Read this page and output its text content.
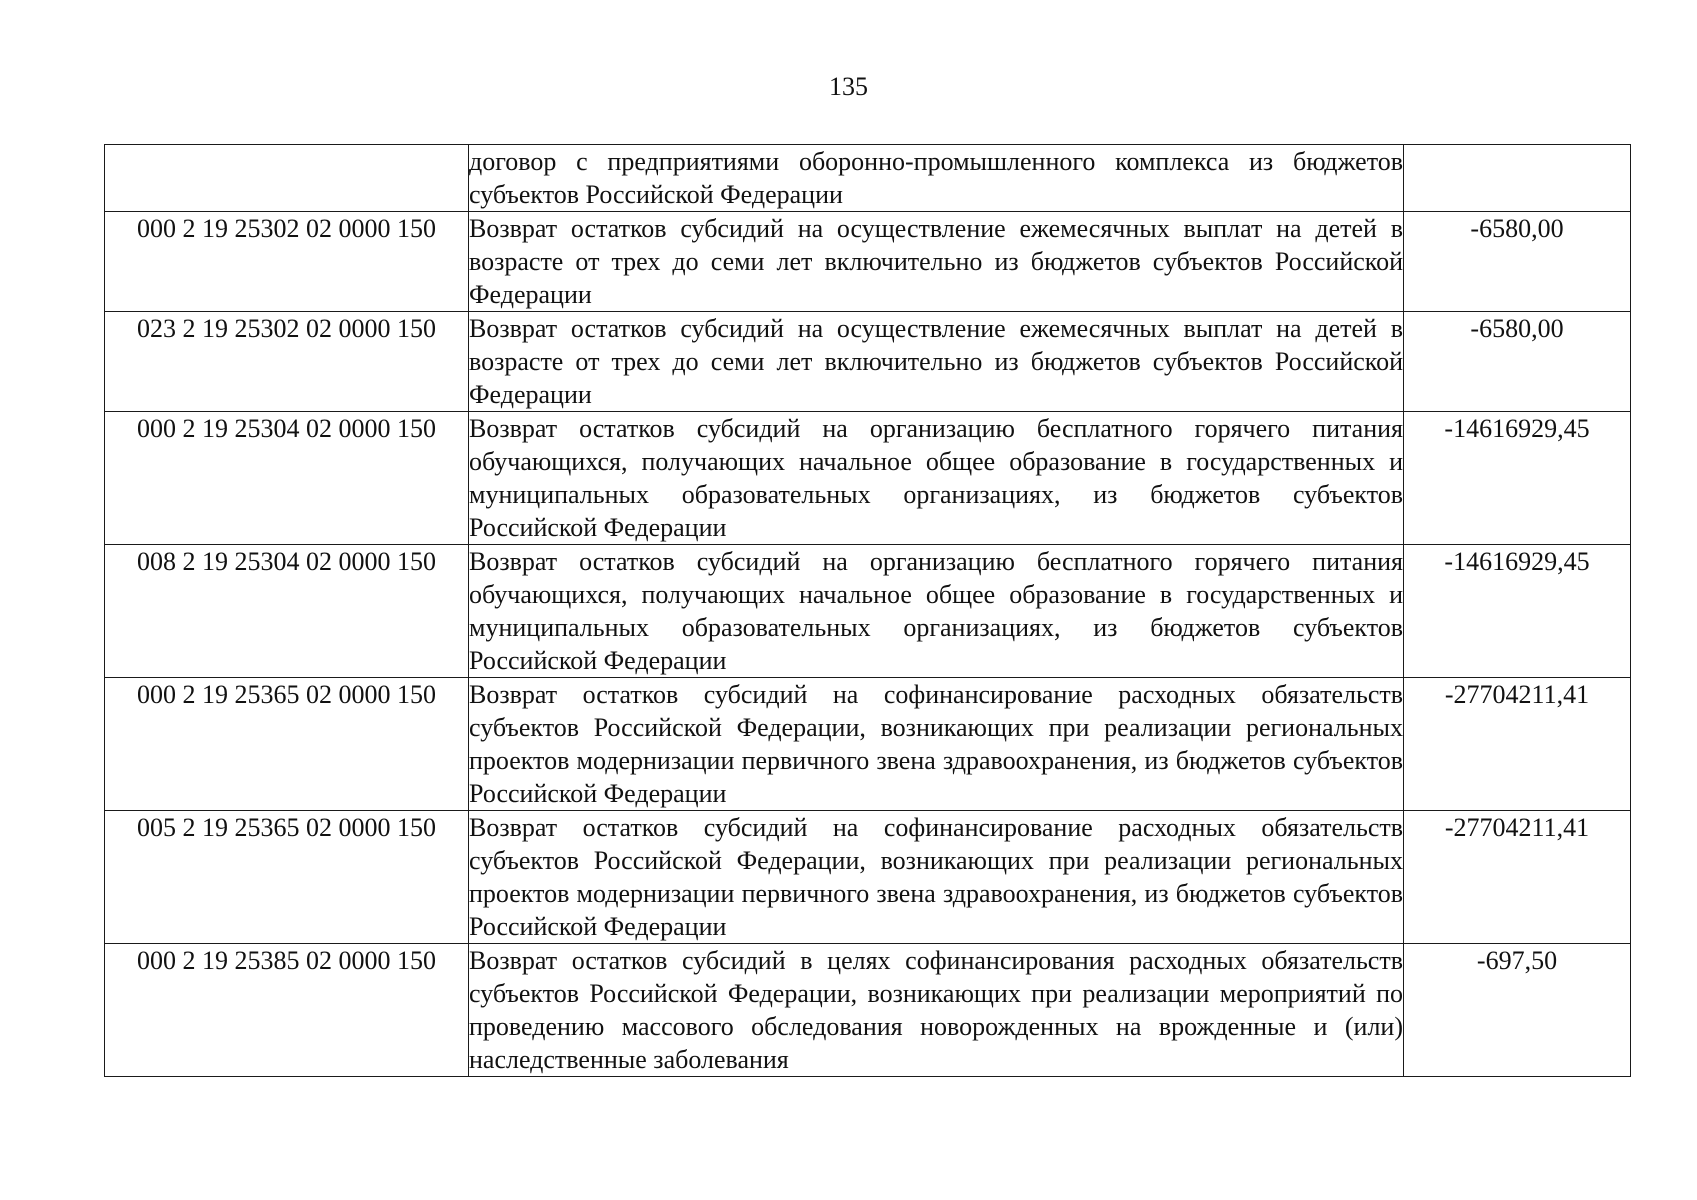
135
	договор с предприятиями оборонно-промышленного комплекса из бюджетов субъектов Российской Федерации	
000 2 19 25302 02 0000 150	Возврат остатков субсидий на осуществление ежемесячных выплат на детей в возрасте от трех до семи лет включительно из бюджетов субъектов Российской Федерации	-6580,00
023 2 19 25302 02 0000 150	Возврат остатков субсидий на осуществление ежемесячных выплат на детей в возрасте от трех до семи лет включительно из бюджетов субъектов Российской Федерации	-6580,00
000 2 19 25304 02 0000 150	Возврат остатков субсидий на организацию бесплатного горячего питания обучающихся, получающих начальное общее образование в государственных и муниципальных образовательных организациях, из бюджетов субъектов Российской Федерации	-14616929,45
008 2 19 25304 02 0000 150	Возврат остатков субсидий на организацию бесплатного горячего питания обучающихся, получающих начальное общее образование в государственных и муниципальных образовательных организациях, из бюджетов субъектов Российской Федерации	-14616929,45
000 2 19 25365 02 0000 150	Возврат остатков субсидий на софинансирование расходных обязательств субъектов Российской Федерации, возникающих при реализации региональных проектов модернизации первичного звена здравоохранения, из бюджетов субъектов Российской Федерации	-27704211,41
005 2 19 25365 02 0000 150	Возврат остатков субсидий на софинансирование расходных обязательств субъектов Российской Федерации, возникающих при реализации региональных проектов модернизации первичного звена здравоохранения, из бюджетов субъектов Российской Федерации	-27704211,41
000 2 19 25385 02 0000 150	Возврат остатков субсидий в целях софинансирования расходных обязательств субъектов Российской Федерации, возникающих при реализации мероприятий по проведению массового обследования новорожденных на врожденные и (или) наследственные заболевания	-697,50
